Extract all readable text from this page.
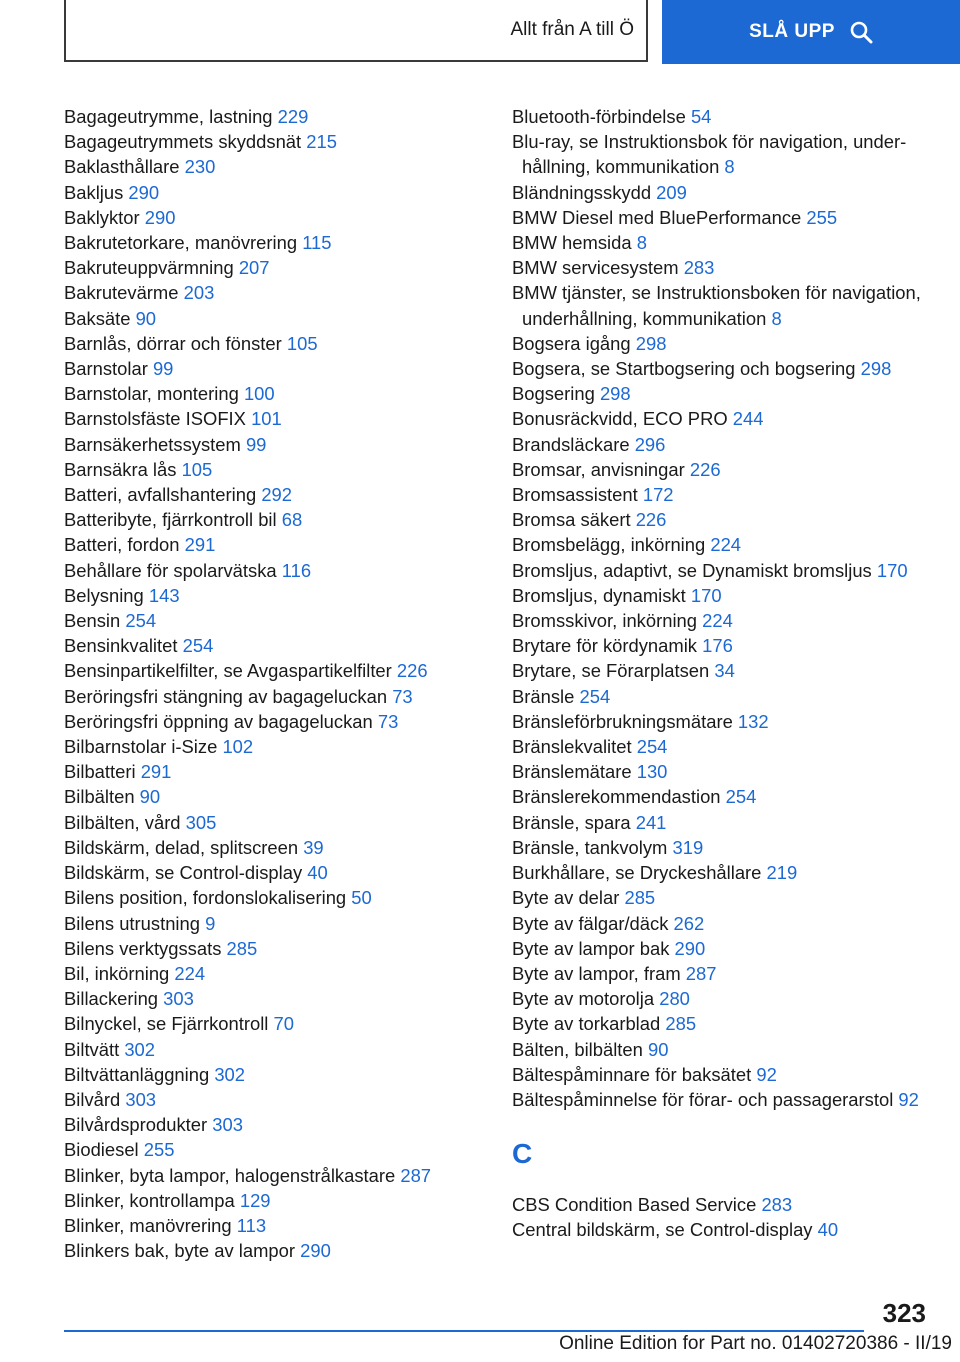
Allt från A till Ö	SLÅ UPP
Bagageutrymme, lastning 229
Bagageutrymmets skyddsnät 215
Baklasthållare 230
Bakljus 290
Baklyktor 290
Bakrutetorkare, manövrering 115
Bakruteuppvärmning 207
Bakrutevärme 203
Baksäte 90
Barnlås, dörrar och fönster 105
Barnstolar 99
Barnstolar, montering 100
Barnstolsfäste ISOFIX 101
Barnsäkerhetssystem 99
Barnsäkra lås 105
Batteri, avfallshantering 292
Batteribyte, fjärrkontroll bil 68
Batteri, fordon 291
Behållare för spolarvätska 116
Belysning 143
Bensin 254
Bensinkvalitet 254
Bensinpartikelfilter, se Avgaspartikelfilter 226
Beröringsfri stängning av bagageluckan 73
Beröringsfri öppning av bagageluckan 73
Bilbarnstolar i-Size 102
Bilbatteri 291
Bilbälten 90
Bilbälten, vård 305
Bildskärm, delad, splitscreen 39
Bildskärm, se Control-display 40
Bilens position, fordonslokalisering 50
Bilens utrustning 9
Bilens verktygssats 285
Bil, inkörning 224
Billackering 303
Bilnyckel, se Fjärrkontroll 70
Biltvätt 302
Biltvättanläggning 302
Bilvård 303
Bilvårdsprodukter 303
Biodiesel 255
Blinker, byta lampor, halogenstrålkastare 287
Blinker, kontrollampa 129
Blinker, manövrering 113
Blinkers bak, byte av lampor 290
Bluetooth-förbindelse 54
Blu-ray, se Instruktionsbok för navigation, underhållning, kommunikation 8
Bländningsskydd 209
BMW Diesel med BluePerformance 255
BMW hemsida 8
BMW servicesystem 283
BMW tjänster, se Instruktionsboken för navigation, underhållning, kommunikation 8
Bogsera igång 298
Bogsera, se Startbogsering och bogsering 298
Bogsering 298
Bonusräckvidd, ECO PRO 244
Brandsläckare 296
Bromsar, anvisningar 226
Bromsassistent 172
Bromsa säkert 226
Bromsbelägg, inkörning 224
Bromsljus, adaptivt, se Dynamiskt bromsljus 170
Bromsljus, dynamiskt 170
Bromsskivor, inkörning 224
Brytare för kördynamik 176
Brytare, se Förarplatsen 34
Bränsle 254
Bränsleförbrukningsmätare 132
Bränslekvalitet 254
Bränslemätare 130
Bränslerekommendastion 254
Bränsle, spara 241
Bränsle, tankvolym 319
Burkhållare, se Dryckeshållare 219
Byte av delar 285
Byte av fälgar/däck 262
Byte av lampor bak 290
Byte av lampor, fram 287
Byte av motorolja 280
Byte av torkarblad 285
Bälten, bilbälten 90
Bältespåminnare för baksätet 92
Bältespåminnelse för förar- och passagerarstol 92
C
CBS Condition Based Service 283
Central bildskärm, se Control-display 40
323
Online Edition for Part no. 01402720386 - II/19
